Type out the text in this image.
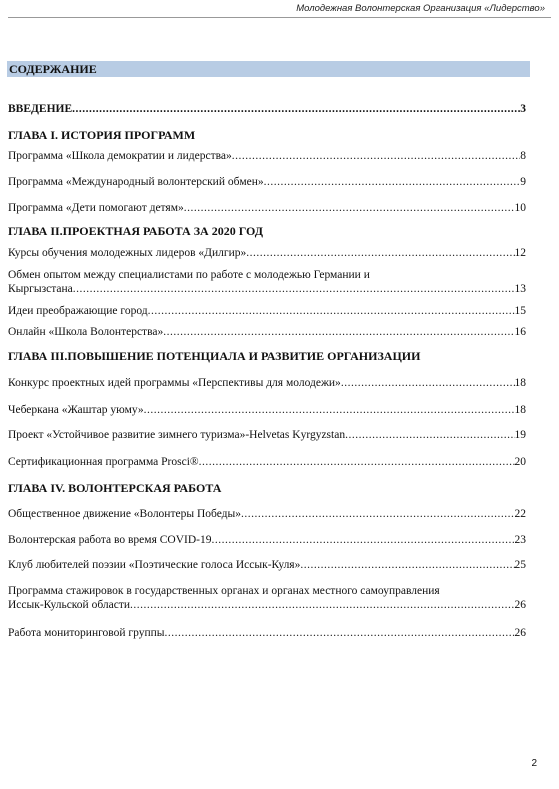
Молодежная Волонтерская Организация «Лидерство»
СОДЕРЖАНИЕ
ВВЕДЕНИЕ .....	3
ГЛАВА I. ИСТОРИЯ ПРОГРАММ
Программа «Школа демократии и лидерства» .....	8
Программа «Международный волонтерский обмен» .....	9
Программа «Дети помогают детям» .....	10
ГЛАВА II.ПРОЕКТНАЯ РАБОТА ЗА 2020 ГОД
Курсы обучения молодежных лидеров «Дилгир» .....	12
Обмен опытом между специалистами по работе с молодежью Германии и
Кыргызстана .....	13
Идеи преображающие город .....	15
Онлайн «Школа Волонтерства» .....	16
ГЛАВА III.ПОВЫШЕНИЕ ПОТЕНЦИАЛА И РАЗВИТИЕ ОРГАНИЗАЦИИ
Конкурс проектных идей программы «Перспективы для молодежи» .....	18
Чеберкана «Жаштар уюму» .....	18
Проект «Устойчивое развитие зимнего туризма»-Helvetas Kyrgyzstan .....	19
Сертификационная программа Prosci® .....	20
ГЛАВА IV. ВОЛОНТЕРСКАЯ РАБОТА
Общественное движение «Волонтеры Победы» .....	22
Волонтерская работа во время COVID-19 .....	23
Клуб любителей поэзии «Поэтические голоса Иссык-Куля» .....	25
Программа стажировок в государственных органах и органах местного самоуправления
Иссык-Кульской области .....	26
Работа мониторинговой группы .....	26
2
